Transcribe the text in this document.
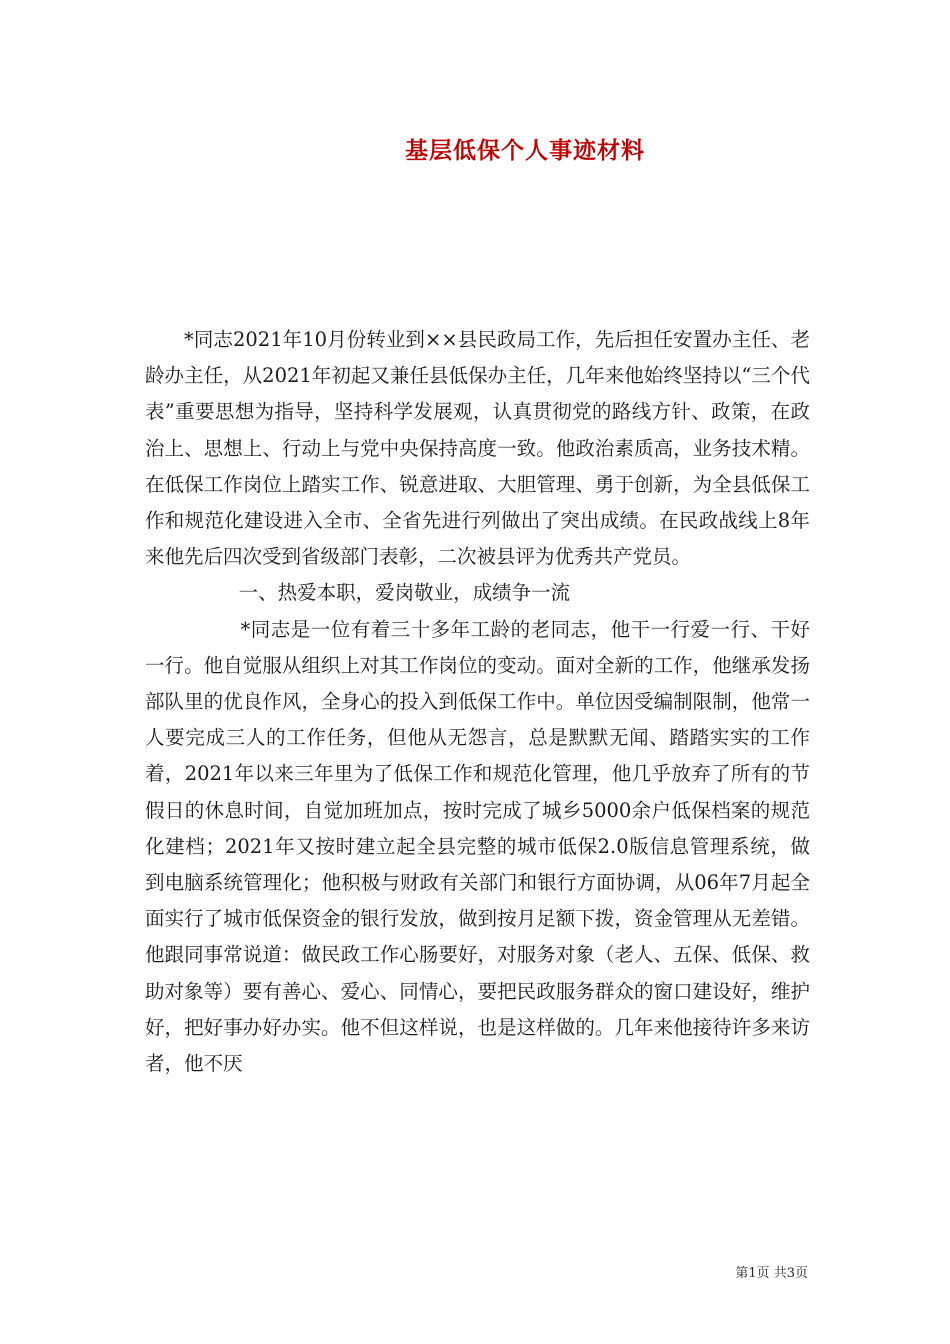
基层低保个人事迹材料

*同志2021年10月份转业到××县民政局工作，先后担任安置办主任、老龄办主任，从2021年初起又兼任县低保办主任，几年来他始终坚持以“三个代表”重要思想为指导，坚持科学发展观，认真贯彻党的路线方针、政策，在政治上、思想上、行动上与党中央保持高度一致。他政治素质高，业务技术精。在低保工作岗位上踏实工作、锐意进取、大胆管理、勇于创新，为全县低保工作和规范化建设进入全市、全省先进行列做出了突出成绩。在民政战线上8年来他先后四次受到省级部门表彰，二次被县评为优秀共产党员。

一、热爱本职，爱岗敬业，成绩争一流

*同志是一位有着三十多年工龄的老同志，他干一行爱一行、干好一行。他自觉服从组织上对其工作岗位的变动。面对全新的工作，他继承发扬部队里的优良作风，全身心的投入到低保工作中。单位因受编制限制，他常一人要完成三人的工作任务，但他从无怨言，总是默默无闻、踏踏实实的工作着，2021年以来三年里为了低保工作和规范化管理，他几乎放弃了所有的节假日的休息时间，自觉加班加点，按时完成了城乡5000余户低保档案的规范化建档；2021年又按时建立起全县完整的城市低保2.0版信息管理系统，做到电脑系统管理化；他积极与财政有关部门和银行方面协调，从06年7月起全面实行了城市低保资金的银行发放，做到按月足额下拨，资金管理从无差错。他跟同事常说道：做民政工作心肠要好，对服务对象（老人、五保、低保、救助对象等）要有善心、爱心、同情心，要把民政服务群众的窗口建设好，维护好，把好事办好办实。他不但这样说，也是这样做的。几年来他接待许多来访者，他不厌

第1页 共3页
